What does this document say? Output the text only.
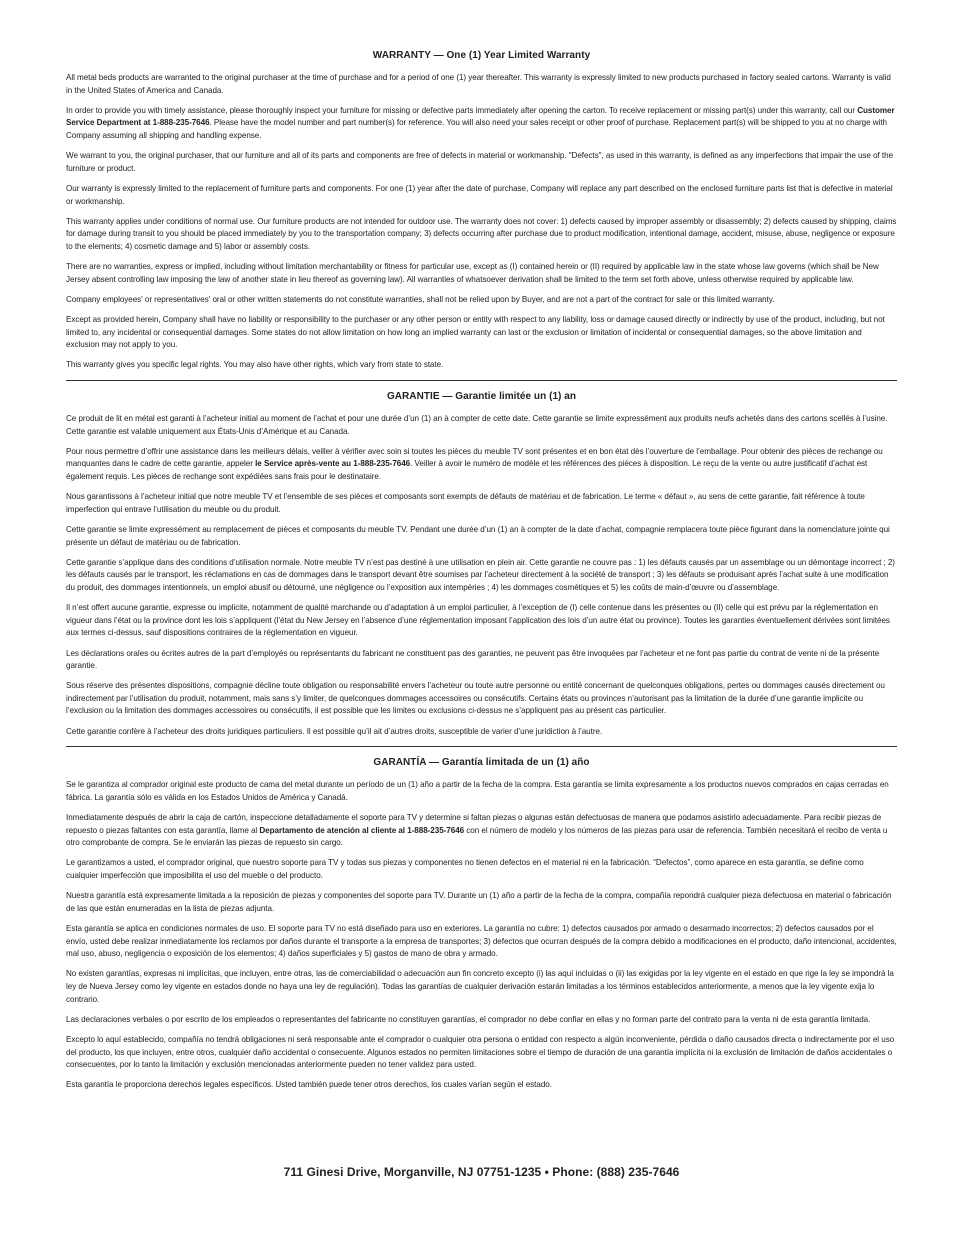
WARRANTY — One (1) Year Limited Warranty

All metal beds products are warranted to the original purchaser at the time of purchase and for a period of one (1) year thereafter. This warranty is expressly limited to new products purchased in factory sealed cartons. Warranty is valid in the United States of America and Canada.

In order to provide you with timely assistance, please thoroughly inspect your furniture for missing or defective parts immediately after opening the carton. To receive replacement or missing part(s) under this warranty, call our Customer Service Department at 1-888-235-7646. Please have the model number and part number(s) for reference. You will also need your sales receipt or other proof of purchase. Replacement part(s) will be shipped to you at no charge with Company assuming all shipping and handling expense.

We warrant to you, the original purchaser, that our furniture and all of its parts and components are free of defects in material or workmanship. "Defects", as used in this warranty, is defined as any imperfections that impair the use of the furniture or product.

Our warranty is expressly limited to the replacement of furniture parts and components. For one (1) year after the date of purchase, Company will replace any part described on the enclosed furniture parts list that is defective in material or workmanship.

This warranty applies under conditions of normal use. Our furniture products are not intended for outdoor use. The warranty does not cover: 1) defects caused by improper assembly or disassembly; 2) defects caused by shipping, claims for damage during transit to you should be placed immediately by you to the transportation company; 3) defects occurring after purchase due to product modification, intentional damage, accident, misuse, abuse, negligence or exposure to the elements; 4) cosmetic damage and 5) labor or assembly costs.

There are no warranties, express or implied, including without limitation merchantability or fitness for particular use, except as (I) contained herein or (II) required by applicable law in the state whose law governs (which shall be New Jersey absent controlling law imposing the law of another state in lieu thereof as governing law). All warranties of whatsoever derivation shall be limited to the term set forth above, unless otherwise required by applicable law.

Company employees' or representatives' oral or other written statements do not constitute warranties, shall not be relied upon by Buyer, and are not a part of the contract for sale or this limited warranty.

Except as provided herein, Company shall have no liability or responsibility to the purchaser or any other person or entity with respect to any liability, loss or damage caused directly or indirectly by use of the product, including, but not limited to, any incidental or consequential damages. Some states do not allow limitation on how long an implied warranty can last or the exclusion or limitation of incidental or consequential damages, so the above limitation and exclusion may not apply to you.

This warranty gives you specific legal rights. You may also have other rights, which vary from state to state.

GARANTIE — Garantie limitée un (1) an

Ce produit de lit en métal est garanti à l’acheteur initial au moment de l’achat et pour une durée d’un (1) an à compter de cette date. Cette garantie se limite expressément aux produits neufs achetés dans des cartons scellés à l’usine. Cette garantie est valable uniquement aux États-Unis d’Amérique et au Canada.

Pour nous permettre d’offrir une assistance dans les meilleurs délais, veiller à vérifier avec soin si toutes les pièces du meuble TV sont présentes et en bon état dès l’ouverture de l’emballage. Pour obtenir des pièces de rechange ou manquantes dans le cadre de cette garantie, appeler le Service après-vente au 1-888-235-7646. Veiller à avoir le numéro de modèle et les références des pièces à disposition. Le reçu de la vente ou autre justificatif d’achat est également requis. Les pièces de rechange sont expédiées sans frais pour le destinataire.

Nous garantissons à l’acheteur initial que notre meuble TV et l’ensemble de ses pièces et composants sont exempts de défauts de matériau et de fabrication. Le terme « défaut », au sens de cette garantie, fait référence à toute imperfection qui entrave l’utilisation du meuble ou du produit.

Cette garantie se limite expressément au remplacement de pièces et composants du meuble TV. Pendant une durée d’un (1) an à compter de la date d’achat, compagnie remplacera toute pièce figurant dans la nomenclature jointe qui présente un défaut de matériau ou de fabrication.

Cette garantie s’applique dans des conditions d’utilisation normale. Notre meuble TV n’est pas destiné à une utilisation en plein air. Cette garantie ne couvre pas : 1) les défauts causés par un assemblage ou un démontage incorrect ; 2) les défauts causés par le transport, les réclamations en cas de dommages dans le transport devant être soumises par l’acheteur directement à la société de transport ; 3) les défauts se produisant après l’achat suite à une modification du produit, des dommages intentionnels, un emploi abusif ou détourné, une négligence ou l’exposition aux intempéries ; 4) les dommages cosmétiques et 5) les coûts de main-d’œuvre ou d’assemblage.

Il n’est offert aucune garantie, expresse ou implicite, notamment de qualité marchande ou d’adaptation à un emploi particulier, à l’exception de (I) celle contenue dans les présentes ou (II) celle qui est prévu par la réglementation en vigueur dans l’état ou la province dont les lois s’appliquent (l’état du New Jersey en l’absence d’une réglementation imposant l’application des lois d’un autre état ou province). Toutes les garanties éventuellement dérivées sont limitées aux termes ci-dessus, sauf dispositions contraires de la réglementation en vigueur.

Les déclarations orales ou écrites autres de la part d’employés ou représentants du fabricant ne constituent pas des garanties, ne peuvent pas être invoquées par l’acheteur et ne font pas partie du contrat de vente ni de la présente garantie.

Sous réserve des présentes dispositions, compagnie décline toute obligation ou responsabilité envers l’acheteur ou toute autre personne ou entité concernant de quelconques obligations, pertes ou dommages causés directement ou indirectement par l’utilisation du produit, notamment, mais sans s’y limiter, de quelconques dommages accessoires ou consécutifs. Certains états ou provinces n’autorisant pas la limitation de la durée d’une garantie implicite ou l’exclusion ou la limitation des dommages accessoires ou consécutifs, il est possible que les limites ou exclusions ci-dessus ne s’appliquent pas au présent cas particulier.

Cette garantie confère à l’acheteur des droits juridiques particuliers. Il est possible qu’il ait d’autres droits, susceptible de varier d’une juridiction à l’autre.

GARANTÍA — Garantía limitada de un (1) año

Se le garantiza al comprador original este producto de cama del metal durante un período de un (1) año a partir de la fecha de la compra. Esta garantía se limita expresamente a los productos nuevos comprados en cajas cerradas en fábrica. La garantía sólo es válida en los Estados Unidos de América y Canadá.

Inmediatamente después de abrir la caja de cartón, inspeccione detalladamente el soporte para TV y determine si faltan piezas o algunas están defectuosas de manera que podamos asistirlo adecuadamente. Para recibir piezas de repuesto o piezas faltantes con esta garantía, llame al Departamento de atención al cliente al 1-888-235-7646 con el número de modelo y los números de las piezas para usar de referencia. También necesitará el recibo de venta u otro comprobante de compra. Se le enviarán las piezas de repuesto sin cargo.

Le garantizamos a usted, el comprador original, que nuestro soporte para TV y todas sus piezas y componentes no tienen defectos en el material ni en la fabricación. “Defectos”, como aparece en esta garantía, se define como cualquier imperfección que imposibilita el uso del mueble o del producto.

Nuestra garantía está expresamente limitada a la reposición de piezas y componentes del soporte para TV. Durante un (1) año a partir de la fecha de la compra, compañía repondrá cualquier pieza defectuosa en material o fabricación de las que están enumeradas en la lista de piezas adjunta.

Esta garantía se aplica en condiciones normales de uso. El soporte para TV no está diseñado para uso en exteriores. La garantía no cubre: 1) defectos causados por armado o desarmado incorrectos; 2) defectos causados por el envío, usted debe realizar inmediatamente los reclamos por daños durante el transporte a la empresa de transportes; 3) defectos que ocurran después de la compra debido a modificaciones en el producto, daño intencional, accidentes, mal uso, abuso, negligencia o exposición de los elementos; 4) daños superficiales y 5) gastos de mano de obra y armado.

No existen garantías, expresas ni implícitas, que incluyen, entre otras, las de comerciabilidad o adecuación aun fin concreto excepto (i) las aquí incluidas o (ii) las exigidas por la ley vigente en el estado en que rige la ley se impondrá la ley de Nueva Jersey como ley vigente en estados donde no haya una ley de regulación). Todas las garantías de cualquier derivación estarán limitadas a los términos establecidos anteriormente, a menos que la ley vigente exija lo contrario.

Las declaraciones verbales o por escrito de los empleados o representantes del fabricante no constituyen garantías, el comprador no debe confiar en ellas y no forman parte del contrato para la venta ni de esta garantía limitada.

Excepto lo aquí establecido, compañía no tendrá obligaciones ni será responsable ante el comprador o cualquier otra persona o entidad con respecto a algún inconveniente, pérdida o daño causados directa o indirectamente por el uso del producto, los que incluyen, entre otros, cualquier daño accidental o consecuente. Algunos estados no permiten limitaciones sobre el tiempo de duración de una garantía implícita ni la exclusión de limitación de daños accidentales o consecuentes, por lo tanto la limitación y exclusión mencionadas anteriormente pueden no tener validez para usted.

Esta garantía le proporciona derechos legales específicos. Usted también puede tener otros derechos, los cuales varían según el estado.

711 Ginesi Drive, Morganville, NJ 07751-1235 • Phone: (888) 235-7646
